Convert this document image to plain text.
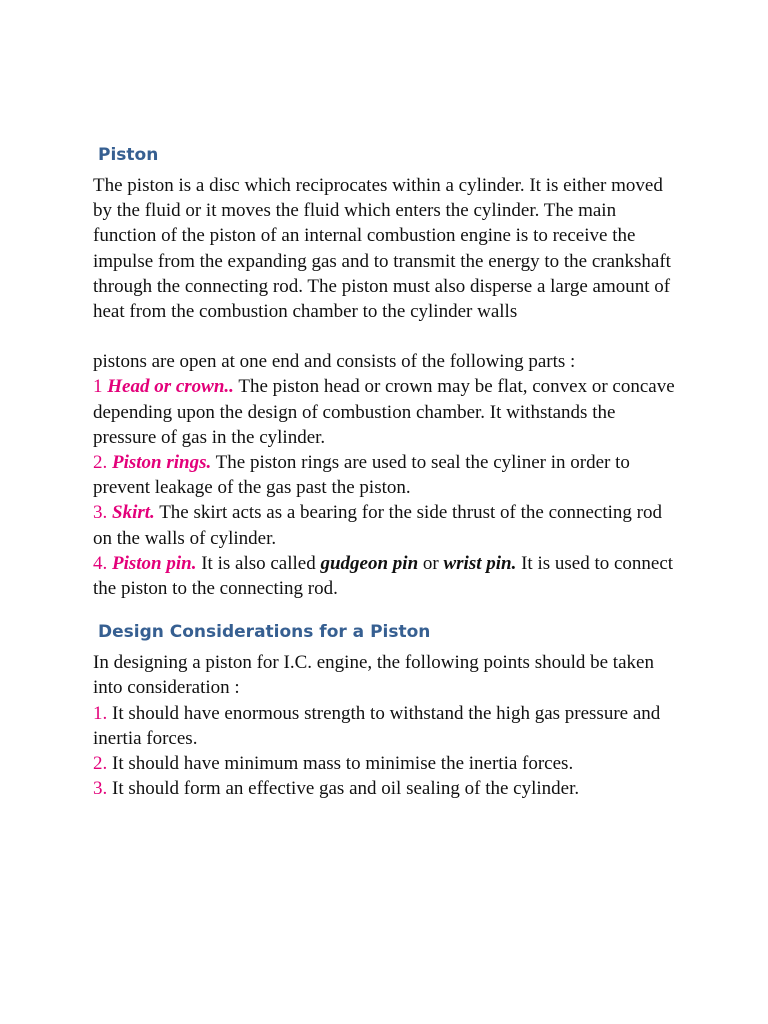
Piston

The piston is a disc which reciprocates within a cylinder. It is either moved by the fluid or it moves the fluid which enters the cylinder. The main function of the piston of an internal combustion engine is to receive the impulse from the expanding gas and to transmit the energy to the crankshaft through the connecting rod. The piston must also disperse a large amount of heat from the combustion chamber to the cylinder walls

pistons are open at one end and consists of the following parts :

1 Head or crown.. The piston head or crown may be flat, convex or concave depending upon the design of combustion chamber. It withstands the pressure of gas in the cylinder.

2. Piston rings. The piston rings are used to seal the cyliner in order to prevent leakage of the gas past the piston.

3. Skirt. The skirt acts as a bearing for the side thrust of the connecting rod on the walls of cylinder.

4. Piston pin. It is also called gudgeon pin or wrist pin. It is used to connect the piston to the connecting rod.

Design Considerations for a Piston

In designing a piston for I.C. engine, the following points should be taken into consideration :

1. It should have enormous strength to withstand the high gas pressure and inertia forces.

2. It should have minimum mass to minimise the inertia forces.

3. It should form an effective gas and oil sealing of the cylinder.
